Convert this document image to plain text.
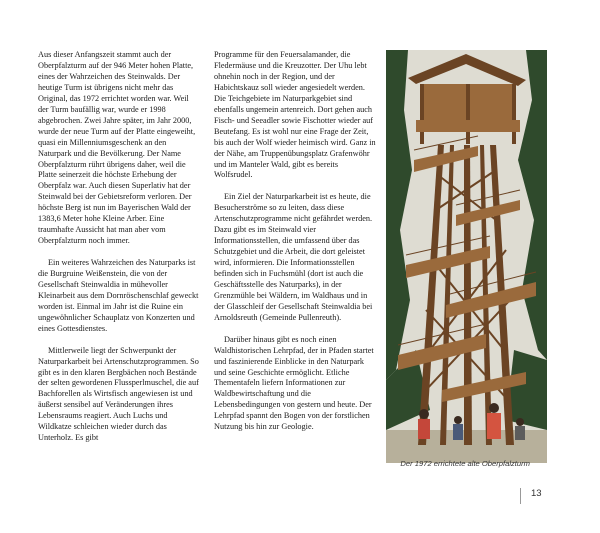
Aus dieser Anfangszeit stammt auch der Oberpfalzturm auf der 946 Meter hohen Platte, eines der Wahrzeichen des Steinwalds. Der heutige Turm ist übrigens nicht mehr das Original, das 1972 errichtet worden war. Weil der Turm baufällig war, wurde er 1998 abgebrochen. Zwei Jahre später, im Jahr 2000, wurde der neue Turm auf der Platte eingeweiht, quasi ein Millenniumsgeschenk an den Naturpark und die Bevölkerung. Der Name Oberpfalzturm rührt übrigens daher, weil die Platte seinerzeit die höchste Erhebung der Oberpfalz war. Auch diesen Superlativ hat der Steinwald bei der Gebietsreform verloren. Der höchste Berg ist nun im Bayerischen Wald der 1383,6 Meter hohe Kleine Arber. Eine traumhafte Aussicht hat man aber vom Oberpfalzturm noch immer.

Ein weiteres Wahrzeichen des Naturparks ist die Burgruine Weißenstein, die von der Gesellschaft Steinwaldia in mühevoller Kleinarbeit aus dem Dornröschenschlaf geweckt worden ist. Einmal im Jahr ist die Ruine ein ungewöhnlicher Schauplatz von Konzerten und eines Gottesdienstes.

Mittlerweile liegt der Schwerpunkt der Naturparkarbeit bei Artenschutzprogrammen. So gibt es in den klaren Bergbächen noch Bestände der selten gewordenen Flussperlmuschel, die auf Bachforellen als Wirtsfisch angewiesen ist und äußerst sensibel auf Veränderungen ihres Lebensraums reagiert. Auch Luchs und Wildkatze schleichen wieder durch das Unterholz. Es gibt

Programme für den Feuersalamander, die Fledermäuse und die Kreuzotter. Der Uhu lebt ohnehin noch in der Region, und der Habichtskauz soll wieder angesiedelt werden. Die Teichgebiete im Naturparkgebiet sind ebenfalls ungemein artenreich. Dort gehen auch Fisch- und Seeadler sowie Fischotter wieder auf Beutefang. Es ist wohl nur eine Frage der Zeit, bis auch der Wolf wieder heimisch wird. Ganz in der Nähe, am Truppenübungsplatz Grafenwöhr und im Manteler Wald, gibt es bereits Wolfsrudel.

Ein Ziel der Naturparkarbeit ist es heute, die Besucherströme so zu leiten, dass diese Artenschutzprogramme nicht gefährdet werden. Dazu gibt es im Steinwald vier Informationsstellen, die umfassend über das Schutzgebiet und die Arbeit, die dort geleistet wird, informieren. Die Informationsstellen befinden sich in Fuchsmühl (dort ist auch die Geschäftsstelle des Naturparks), in der Grenzmühle bei Wäldern, im Waldhaus und in der Glasschleif der Gesellschaft Steinwaldia bei Arnoldsreuth (Gemeinde Pullenreuth).

Darüber hinaus gibt es noch einen Waldhistorischen Lehrpfad, der in Pfaden startet und faszinierende Einblicke in den Naturpark und seine Geschichte ermöglicht. Etliche Thementafeln liefern Informationen zur Waldbewirtschaftung und die Lebensbedingungen von gestern und heute. Der Lehrpfad spannt den Bogen von der forstlichen Nutzung bis hin zur Geologie.

Der 1972 errichtete alte Oberpfalzturm
13
